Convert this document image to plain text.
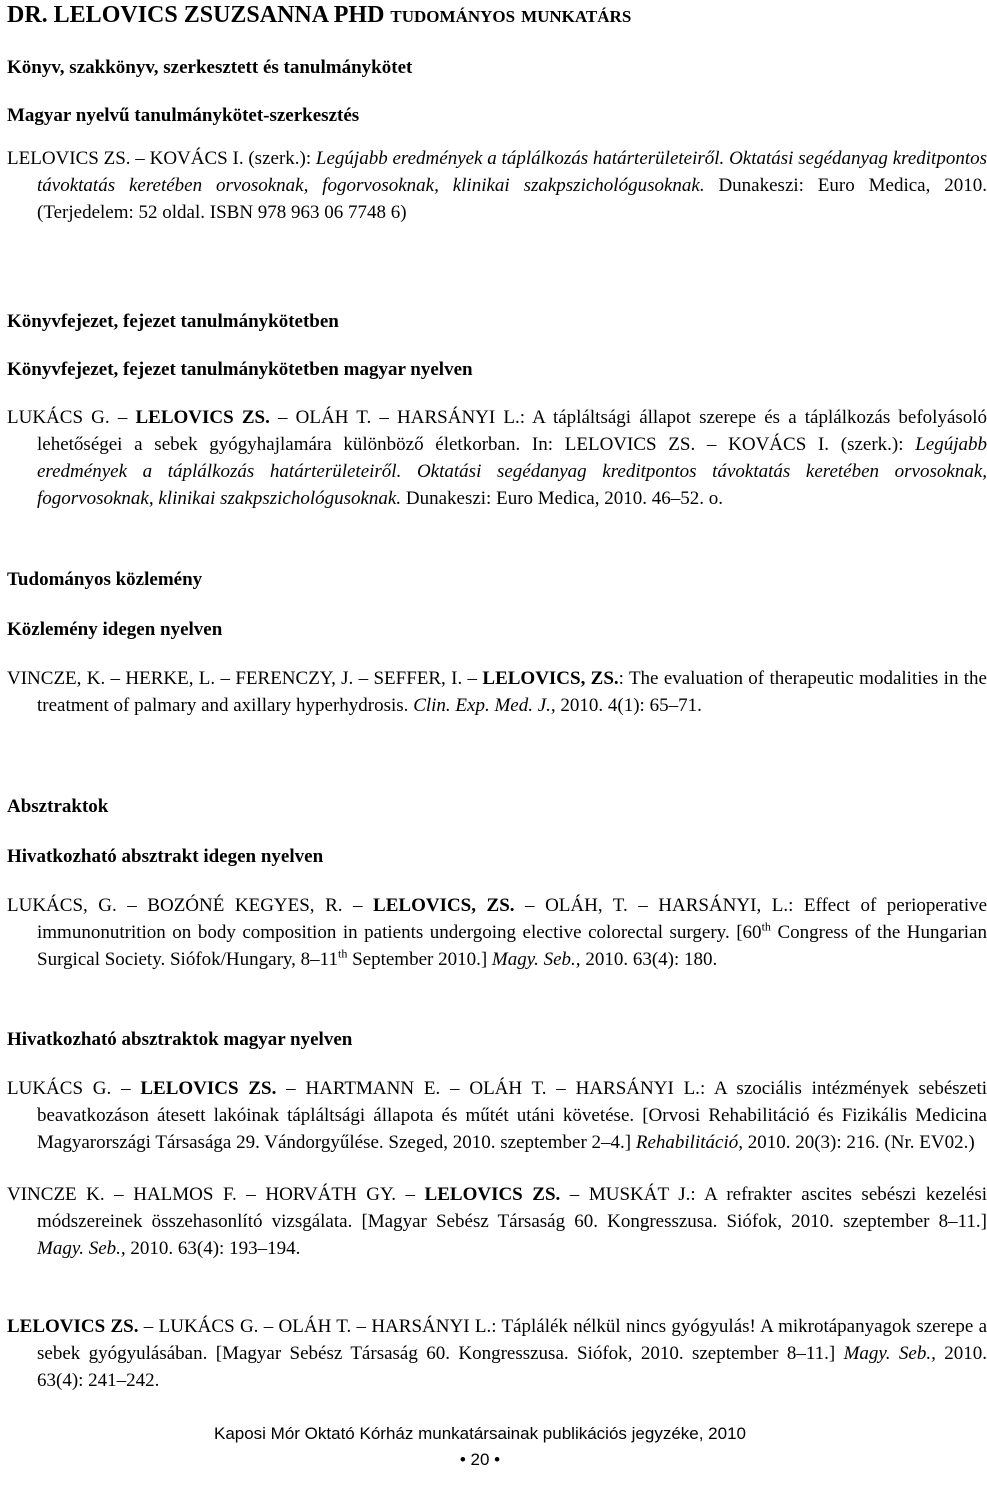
DR. LELOVICS ZSUZSANNA PHD tudományos munkatárs
Könyv, szakkönyv, szerkesztett és tanulmánykötet
Magyar nyelvű tanulmánykötet-szerkesztés
LELOVICS ZS. – KOVÁCS I. (szerk.): Legújabb eredmények a táplálkozás határterületeiről. Oktatási segédanyag kreditpontos távoktatás keretében orvosoknak, fogorvosoknak, klinikai szakpszichológusoknak. Dunakeszi: Euro Medica, 2010. (Terjedelem: 52 oldal. ISBN 978 963 06 7748 6)
Könyvfejezet, fejezet tanulmánykötetben
Könyvfejezet, fejezet tanulmánykötetben magyar nyelven
LUKÁCS G. – LELOVICS ZS. – OLÁH T. – HARSÁNYI L.: A tápláltsági állapot szerepe és a táplálkozás befolyásoló lehetőségei a sebek gyógyhajlamára különböző életkorban. In: LELOVICS ZS. – KOVÁCS I. (szerk.): Legújabb eredmények a táplálkozás határterületeiről. Oktatási segédanyag kreditpontos távoktatás keretében orvosoknak, fogorvosoknak, klinikai szakpszichológusoknak. Dunakeszi: Euro Medica, 2010. 46–52. o.
Tudományos közlemény
Közlemény idegen nyelven
VINCZE, K. – HERKE, L. – FERENCZY, J. – SEFFER, I. – LELOVICS, ZS.: The evaluation of therapeutic modalities in the treatment of palmary and axillary hyperhydrosis. Clin. Exp. Med. J., 2010. 4(1): 65–71.
Absztraktok
Hivatkozható absztrakt idegen nyelven
LUKÁCS, G. – BOZÓNÉ KEGYES, R. – LELOVICS, ZS. – OLÁH, T. – HARSÁNYI, L.: Effect of perioperative immunonutrition on body composition in patients undergoing elective colorectal surgery. [60th Congress of the Hungarian Surgical Society. Siófok/Hungary, 8–11th September 2010.] Magy. Seb., 2010. 63(4): 180.
Hivatkozható absztraktok magyar nyelven
LUKÁCS G. – LELOVICS ZS. – HARTMANN E. – OLÁH T. – HARSÁNYI L.: A szociális intézmények sebészeti beavatkozáson átesett lakóinak tápláltsági állapota és műtét utáni követése. [Orvosi Rehabilitáció és Fizikális Medicina Magyarországi Társasága 29. Vándorgyűlése. Szeged, 2010. szeptember 2–4.] Rehabilitáció, 2010. 20(3): 216. (Nr. EV02.)
VINCZE K. – HALMOS F. – HORVÁTH GY. – LELOVICS ZS. – MUSKÁT J.: A refrakter ascites sebészi kezelési módszereinek összehasonlító vizsgálata. [Magyar Sebész Társaság 60. Kongresszusa. Siófok, 2010. szeptember 8–11.] Magy. Seb., 2010. 63(4): 193–194.
LELOVICS ZS. – LUKÁCS G. – OLÁH T. – HARSÁNYI L.: Táplálék nélkül nincs gyógyulás! A mikrotápanyagok szerepe a sebek gyógyulásában. [Magyar Sebész Társaság 60. Kongresszusa. Siófok, 2010. szeptember 8–11.] Magy. Seb., 2010. 63(4): 241–242.
Kaposi Mór Oktató Kórház munkatársainak publikációs jegyzéke, 2010
• 20 •
